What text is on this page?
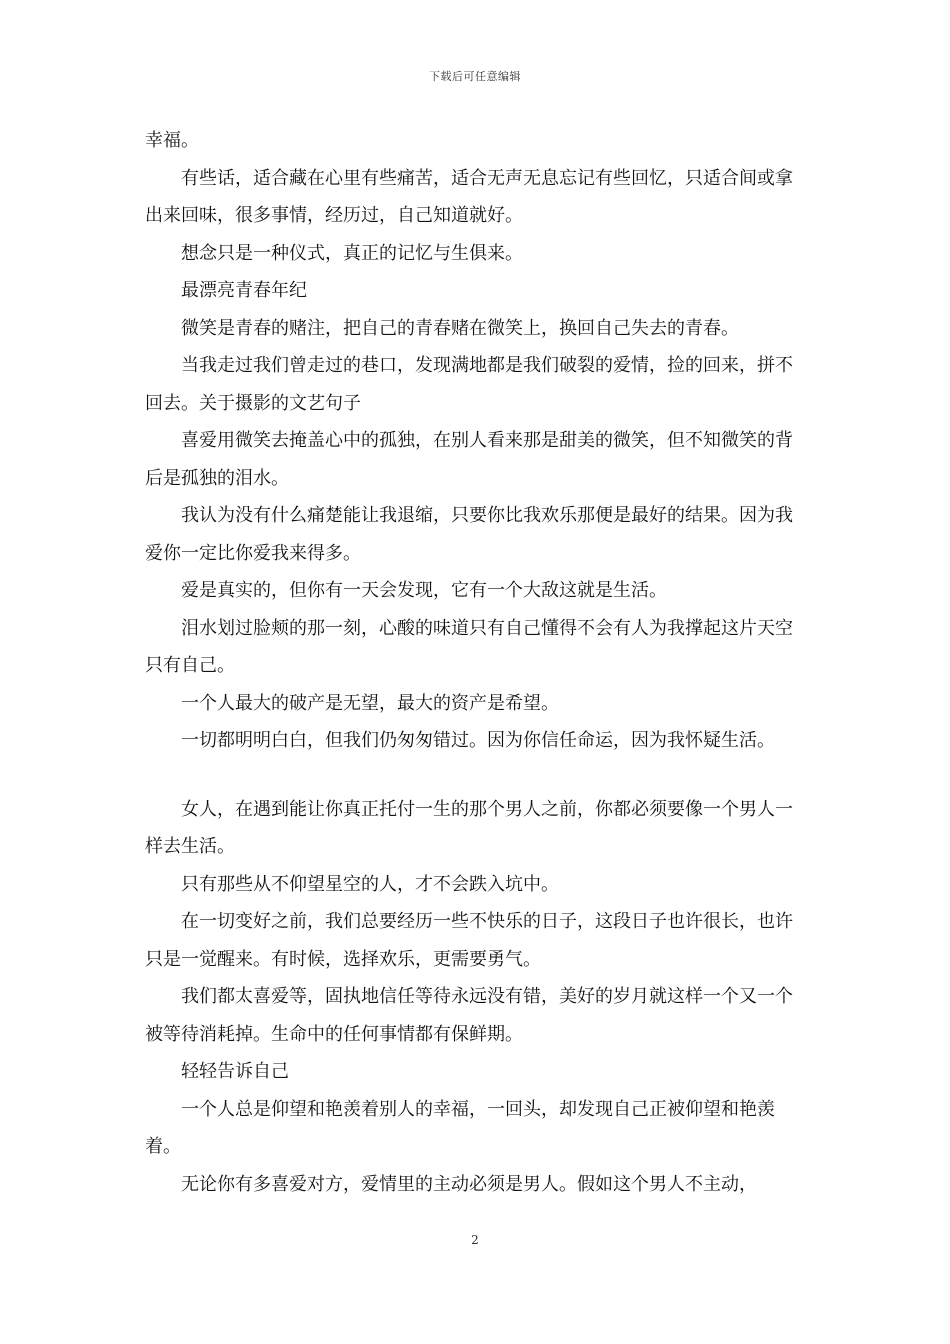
下载后可任意编辑

幸福。

有些话，适合藏在心里有些痛苦，适合无声无息忘记有些回忆，只适合间或拿出来回味，很多事情，经历过，自己知道就好。

想念只是一种仪式，真正的记忆与生俱来。

最漂亮青春年纪

微笑是青春的赌注，把自己的青春赌在微笑上，换回自己失去的青春。

当我走过我们曾走过的巷口，发现满地都是我们破裂的爱情，捡的回来，拼不回去。关于摄影的文艺句子

喜爱用微笑去掩盖心中的孤独，在别人看来那是甜美的微笑，但不知微笑的背后是孤独的泪水。

我认为没有什么痛楚能让我退缩，只要你比我欢乐那便是最好的结果。因为我爱你一定比你爱我来得多。

爱是真实的，但你有一天会发现，它有一个大敌这就是生活。

泪水划过脸颊的那一刻，心酸的味道只有自己懂得不会有人为我撑起这片天空只有自己。

一个人最大的破产是无望，最大的资产是希望。

一切都明明白白，但我们仍匆匆错过。因为你信任命运，因为我怀疑生活。

女人，在遇到能让你真正托付一生的那个男人之前，你都必须要像一个男人一样去生活。

只有那些从不仰望星空的人，才不会跌入坑中。

在一切变好之前，我们总要经历一些不快乐的日子，这段日子也许很长，也许只是一觉醒来。有时候，选择欢乐，更需要勇气。

我们都太喜爱等，固执地信任等待永远没有错，美好的岁月就这样一个又一个被等待消耗掉。生命中的任何事情都有保鲜期。

轻轻告诉自己

一个人总是仰望和艳羡着别人的幸福，一回头，却发现自己正被仰望和艳羡着。

无论你有多喜爱对方，爱情里的主动必须是男人。假如这个男人不主动，

2
